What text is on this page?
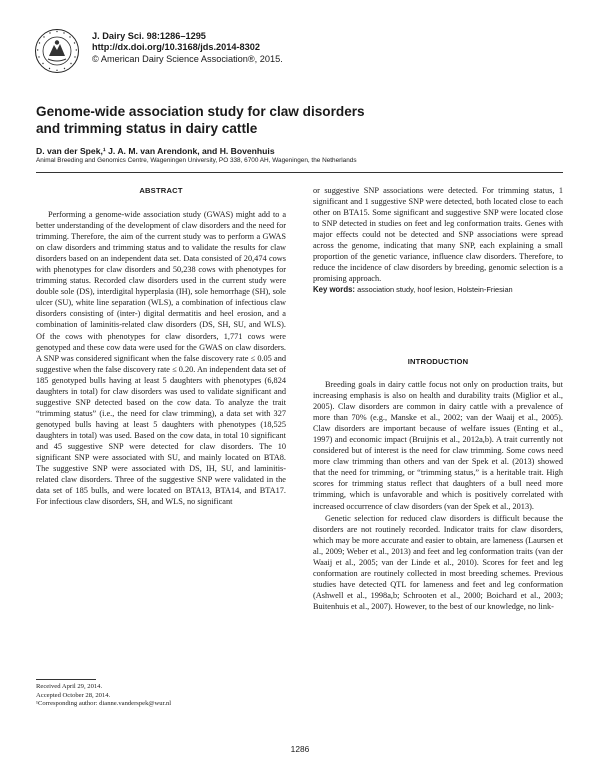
J. Dairy Sci. 98:1286–1295
http://dx.doi.org/10.3168/jds.2014-8302
© American Dairy Science Association®, 2015.
Genome-wide association study for claw disorders
and trimming status in dairy cattle
D. van der Spek,¹ J. A. M. van Arendonk, and H. Bovenhuis
Animal Breeding and Genomics Centre, Wageningen University, PO 338, 6700 AH, Wageningen, the Netherlands
ABSTRACT

Performing a genome-wide association study (GWAS) might add to a better understanding of the development of claw disorders and the need for trimming. Therefore, the aim of the current study was to perform a GWAS on claw disorders and trimming status and to validate the results for claw disorders based on an independent data set. Data consisted of 20,474 cows with phenotypes for claw disorders and 50,238 cows with phenotypes for trimming status. Recorded claw disorders used in the current study were double sole (DS), interdigital hyperplasia (IH), sole hemorrhage (SH), sole ulcer (SU), white line separation (WLS), a combination of infectious claw disorders consisting of (inter-) digital dermatitis and heel erosion, and a combination of laminitis-related claw disorders (DS, SH, SU, and WLS). Of the cows with phenotypes for claw disorders, 1,771 cows were genotyped and these cow data were used for the GWAS on claw disorders. A SNP was considered significant when the false discovery rate ≤ 0.05 and suggestive when the false discovery rate ≤ 0.20. An independent data set of 185 genotyped bulls having at least 5 daughters with phenotypes (6,824 daughters in total) for claw disorders was used to validate significant and suggestive SNP detected based on the cow data. To analyze the trait “trimming status” (i.e., the need for claw trimming), a data set with 327 genotyped bulls having at least 5 daughters with phenotypes (18,525 daughters in total) was used. Based on the cow data, in total 10 significant and 45 suggestive SNP were detected for claw disorders. The 10 significant SNP were associated with SU, and mainly located on BTA8. The suggestive SNP were associated with DS, IH, SU, and laminitis-related claw disorders. Three of the suggestive SNP were validated in the data set of 185 bulls, and were located on BTA13, BTA14, and BTA17. For infectious claw disorders, SH, and WLS, no significant

or suggestive SNP associations were detected. For trimming status, 1 significant and 1 suggestive SNP were detected, both located close to each other on BTA15. Some significant and suggestive SNP were located close to SNP detected in studies on feet and leg conformation traits. Genes with major effects could not be detected and SNP associations were spread across the genome, indicating that many SNP, each explaining a small proportion of the genetic variance, influence claw disorders. Therefore, to reduce the incidence of claw disorders by breeding, genomic selection is a promising approach.

Key words: association study, hoof lesion, Holstein-Friesian

INTRODUCTION

Breeding goals in dairy cattle focus not only on production traits, but increasing emphasis is also on health and durability traits (Miglior et al., 2005). Claw disorders are common in dairy cattle with a prevalence of more than 70% (e.g., Manske et al., 2002; van der Waaij et al., 2005). Claw disorders are important because of welfare issues (Enting et al., 1997) and economic impact (Bruijnis et al., 2012a,b). A trait currently not considered but of interest is the need for claw trimming. Some cows need more claw trimming than others and van der Spek et al. (2013) showed that the need for trimming, or “trimming status,” is a heritable trait. High scores for trimming status reflect that daughters of a bull need more trimming, which is unfavorable and which is positively correlated with increased occurrence of claw disorders (van der Spek et al., 2013).

Genetic selection for reduced claw disorders is difficult because the disorders are not routinely recorded. Indicator traits for claw disorders, which may be more accurate and easier to obtain, are lameness (Laursen et al., 2009; Weber et al., 2013) and feet and leg conformation traits (van der Waaij et al., 2005; van der Linde et al., 2010). Scores for feet and leg conformation are routinely collected in most breeding schemes. Previous studies have detected QTL for lameness and feet and leg conformation (Ashwell et al., 1998a,b; Schrooten et al., 2000; Boichard et al., 2003; Buitenhuis et al., 2007). However, to the best of our knowledge, no link-

Received April 29, 2014.
Accepted October 28, 2014.
¹Corresponding author: dianne.vanderspek@wur.nl
1286
